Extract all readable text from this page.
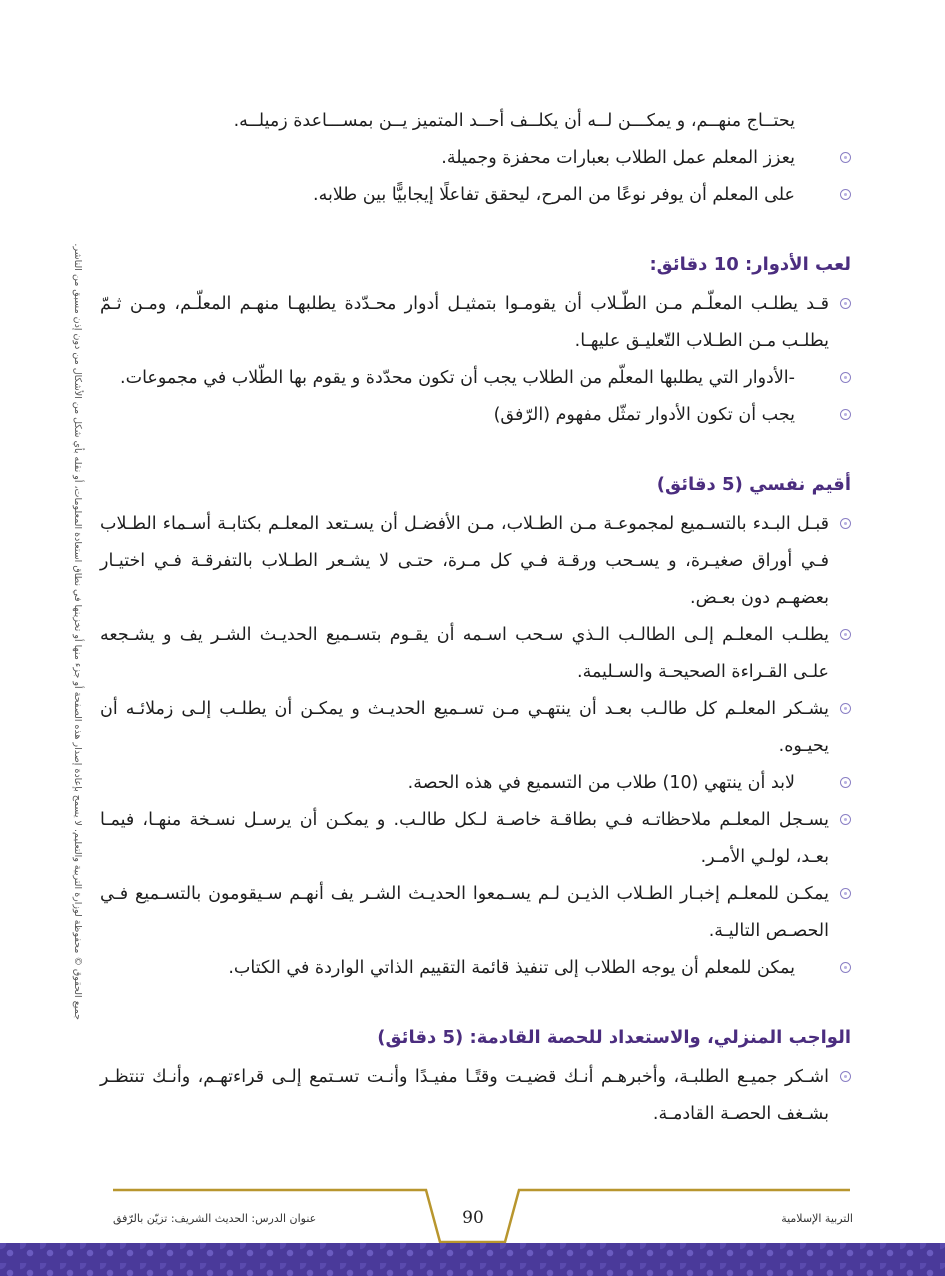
يحتــاج منهــم، و يمكـــن لــه أن يكلــف أحــد المتميز يــن بمســـاعدة زميلــه.
يعزز المعلم عمل الطلاب بعبارات محفزة وجميلة.
على المعلم أن يوفر نوعًا من المرح، ليحقق تفاعلًا إيجابيًّا بين طلابه.
لعب الأدوار: 10 دقائق:
قـد يطلـب المعلّـم مـن الطّـلاب أن يقومـوا بتمثيـل أدوار محـدّدة يطلبهـا منهـم المعلّـم، ومـن ثـمّ يطلـب مـن الطـلاب التّعليـق عليهـا.
-الأدوار التي يطلبها المعلّم من الطلاب يجب أن تكون محدّدة و يقوم بها الطّلاب في مجموعات.
يجب أن تكون الأدوار تمثّل مفهوم (الرّفق)
أقيم نفسي (5 دقائق)
قبـل البـدء بالتسـميع لمجموعـة مـن الطـلاب، مـن الأفضـل أن يسـتعد المعلـم بكتابـة أسـماء الطـلاب فـي أوراق صغيـرة، و يسـحب ورقـة فـي كل مـرة، حتـى لا يشـعر الطـلاب بالتفرقـة فـي اختيـار بعضهـم دون بعـض.
يطلـب المعلـم إلـى الطالـب الـذي سـحب اسـمه أن يقـوم بتسـميع الحديـث الشـر يف و يشـجعه علـى القـراءة الصحيحـة والسـليمة.
يشـكر المعلـم كل طالـب بعـد أن ينتهـي مـن تسـميع الحديـث و يمكـن أن يطلـب إلـى زملائـه أن يحيـوه.
لابد أن ينتهي (10) طلاب من التسميع في هذه الحصة.
يسـجل المعلـم ملاحظاتـه فـي بطاقـة خاصـة لـكل طالـب. و يمكـن أن يرسـل نسـخة منهـا، فيمـا بعـد، لولـي الأمـر.
يمكـن للمعلـم إخبـار الطـلاب الذيـن لـم يسـمعوا الحديـث الشـر يف أنهـم سـيقومون بالتسـميع فـي الحصـص التاليـة.
يمكن للمعلم أن يوجه الطلاب إلى تنفيذ قائمة التقييم الذاتي الواردة في الكتاب.
الواجب المنزلي، والاستعداد للحصة القادمة: (5 دقائق)
اشـكر جميـع الطلبـة، وأخبرهـم أنـك قضيـت وقتًـا مفيـدًا وأنـت تسـتمع إلـى قراءتهـم، وأنـك تنتظـر بشـغف الحصـة القادمـة.
جميع الحقوق © محفوظة لوزارة التربية والتعليم. لا يسمح بإعادة إصدار هذه الصفحة أو جزء منها أو تخزينها في نطاق استعادة المعلومات، أو نقله بأي شكل من الأشكال من دون إذن مسبق من الناشر.
عنوان الدرس: الحديث الشريف: تزيّن بالرّفق	90	التربية الإسلامية
